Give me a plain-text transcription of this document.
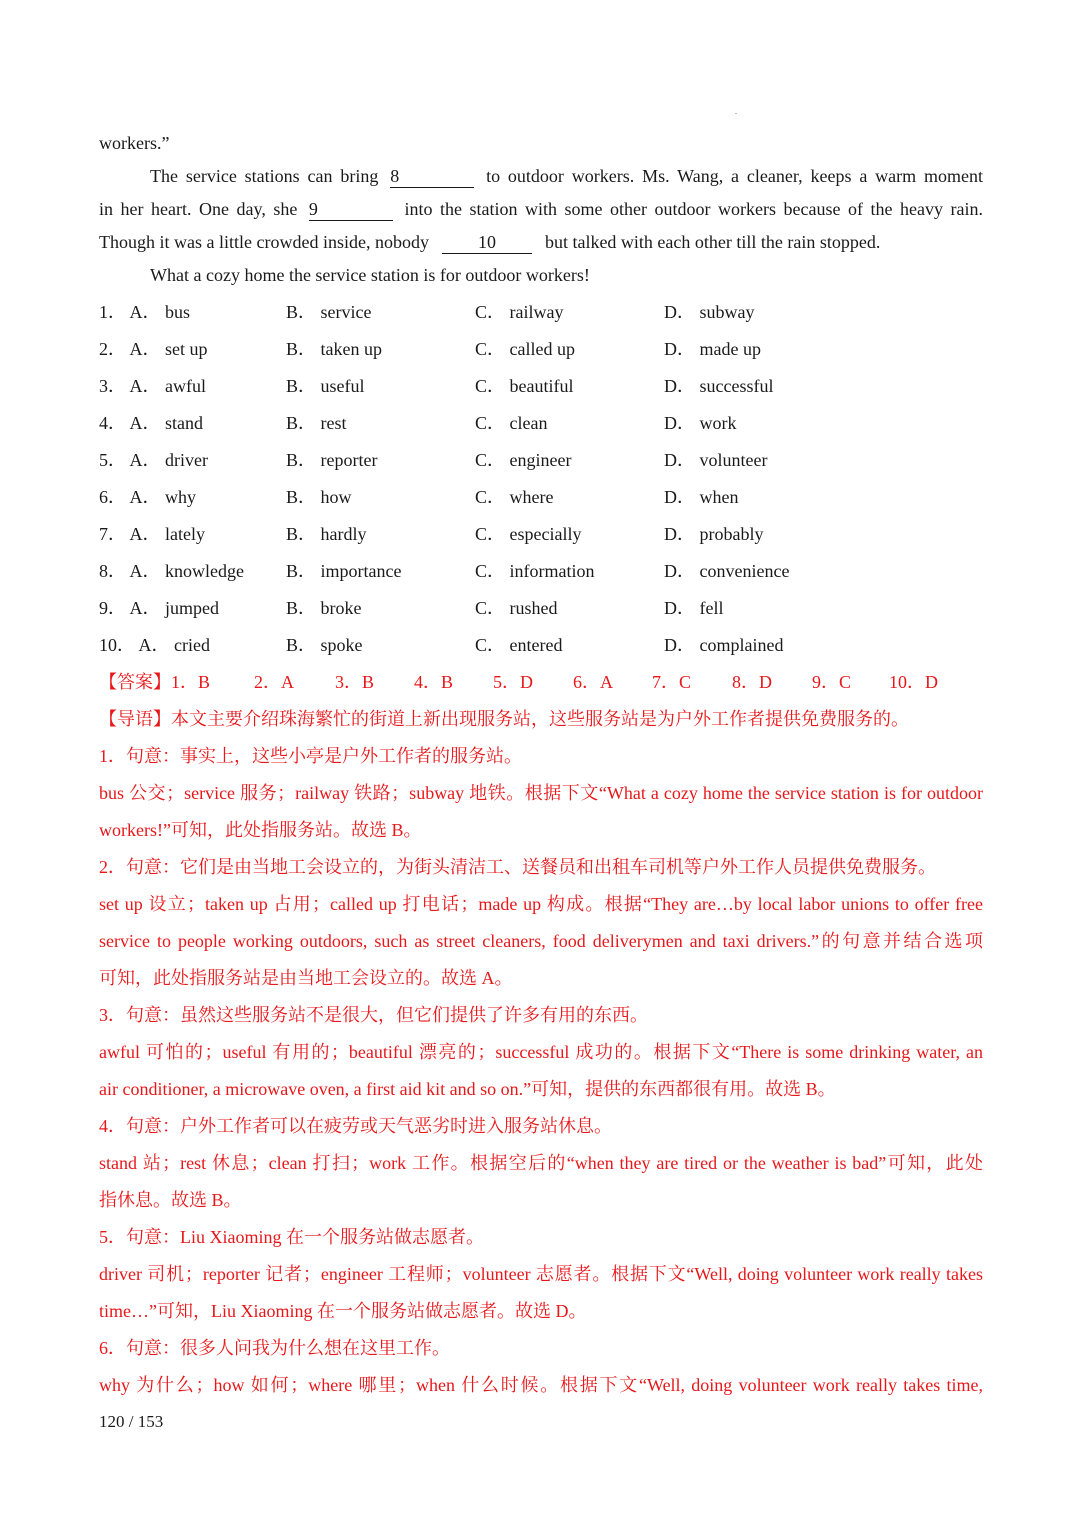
workers.”
The service stations can bring 8	to outdoor workers. Ms. Wang, a cleaner, keeps a warm moment
in her heart. One day, she 9	into the station with some other outdoor workers because of the heavy rain.
Though it was a little crowded inside, nobody	10	but talked with each other till the rain stopped.
What a cozy home the service station is for outdoor workers!
1． A． bus	B． service	C． railway	D． subway
2． A． set up	B． taken up	C． called up	D． made up
3． A． awful	B． useful	C． beautiful	D． successful
4． A． stand	B． rest	C． clean	D． work
5． A． driver	B． reporter	C． engineer	D． volunteer
6． A． why	B． how	C． where	D． when
7． A． lately	B． hardly	C． especially	D． probably
8． A． knowledge B． importance	C． information	D． convenience
9． A． jumped	B． broke	C． rushed	D． fell
10． A． cried	B． spoke	C． entered	D． complained
【答案】1．B 2．A 3．B 4．B 5．D 6．A 7．C 8．D 9．C 10．D
【导语】本文主要介绍珠海繁忙的街道上新出现服务站，这些服务站是为户外工作者提供免费服务的。
1．句意：事实上，这些小亭是户外工作者的服务站。
bus 公交；service 服务；railway 铁路；subway 地铁。根据下文“What a cozy home the service station is for outdoor
workers!”可知，此处指服务站。故选 B。
2．句意：它们是由当地工会设立的，为街头清洁工、送餐员和出租车司机等户外工作人员提供免费服务。
set up 设立；taken up 占用；called up 打电话；made up 构成。根据“They are…by local labor unions to offer free
service to people working outdoors, such as street cleaners, food deliverymen and taxi drivers.”的句意并结合选项
可知，此处指服务站是由当地工会设立的。故选 A。
3．句意：虽然这些服务站不是很大，但它们提供了许多有用的东西。
awful 可怕的；useful 有用的；beautiful 漂亮的；successful 成功的。根据下文“There is some drinking water, an
air conditioner, a microwave oven, a first aid kit and so on.”可知，提供的东西都很有用。故选 B。
4．句意：户外工作者可以在疲劳或天气恶劣时进入服务站休息。
stand 站；rest 休息；clean 打扫；work 工作。根据空后的“when they are tired or the weather is bad”可知，此处
指休息。故选 B。
5．句意：Liu Xiaoming 在一个服务站做志愿者。
driver 司机；reporter 记者；engineer 工程师；volunteer 志愿者。根据下文“Well, doing volunteer work really takes
time…”可知，Liu Xiaoming 在一个服务站做志愿者。故选 D。
6．句意：很多人问我为什么想在这里工作。
why 为什么；how 如何；where 哪里；when 什么时候。根据下文“Well, doing volunteer work really takes time,
120 / 153
